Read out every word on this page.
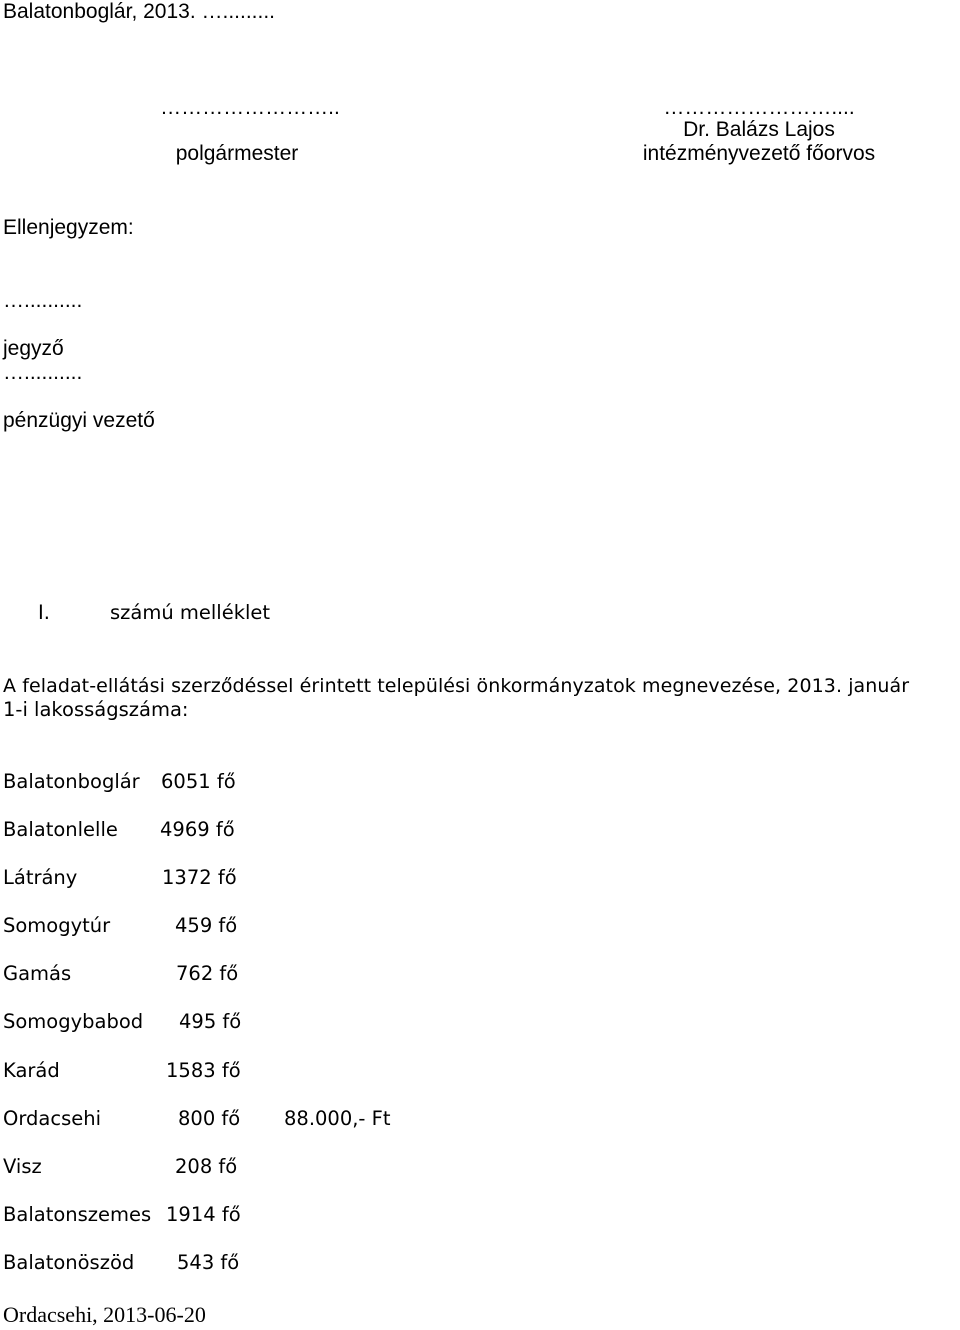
Balatonboglár, 2013. ….........
……………………..
polgármester
……………………....
Dr. Balázs Lajos
intézményvezető főorvos
Ellenjegyzem:
…..........
jegyző
…..........
pénzügyi vezető
I.	számú melléklet
A feladat-ellátási szerződéssel érintett települési önkormányzatok megnevezése, 2013. január
1-i lakosságszáma:
Balatonboglár 6051 fő
Balatonlelle 4969 fő
Látrány	1372 fő
Somogytúr	459 fő
Gamás	762 fő
Somogybabod 495 fő
Karád	1583 fő
Ordacsehi	800 fő 88.000,- Ft
Visz	208 fő
Balatonszemes 1914 fő
Balatonöszöd 543 fő
Ordacsehi, 2013-06-20
